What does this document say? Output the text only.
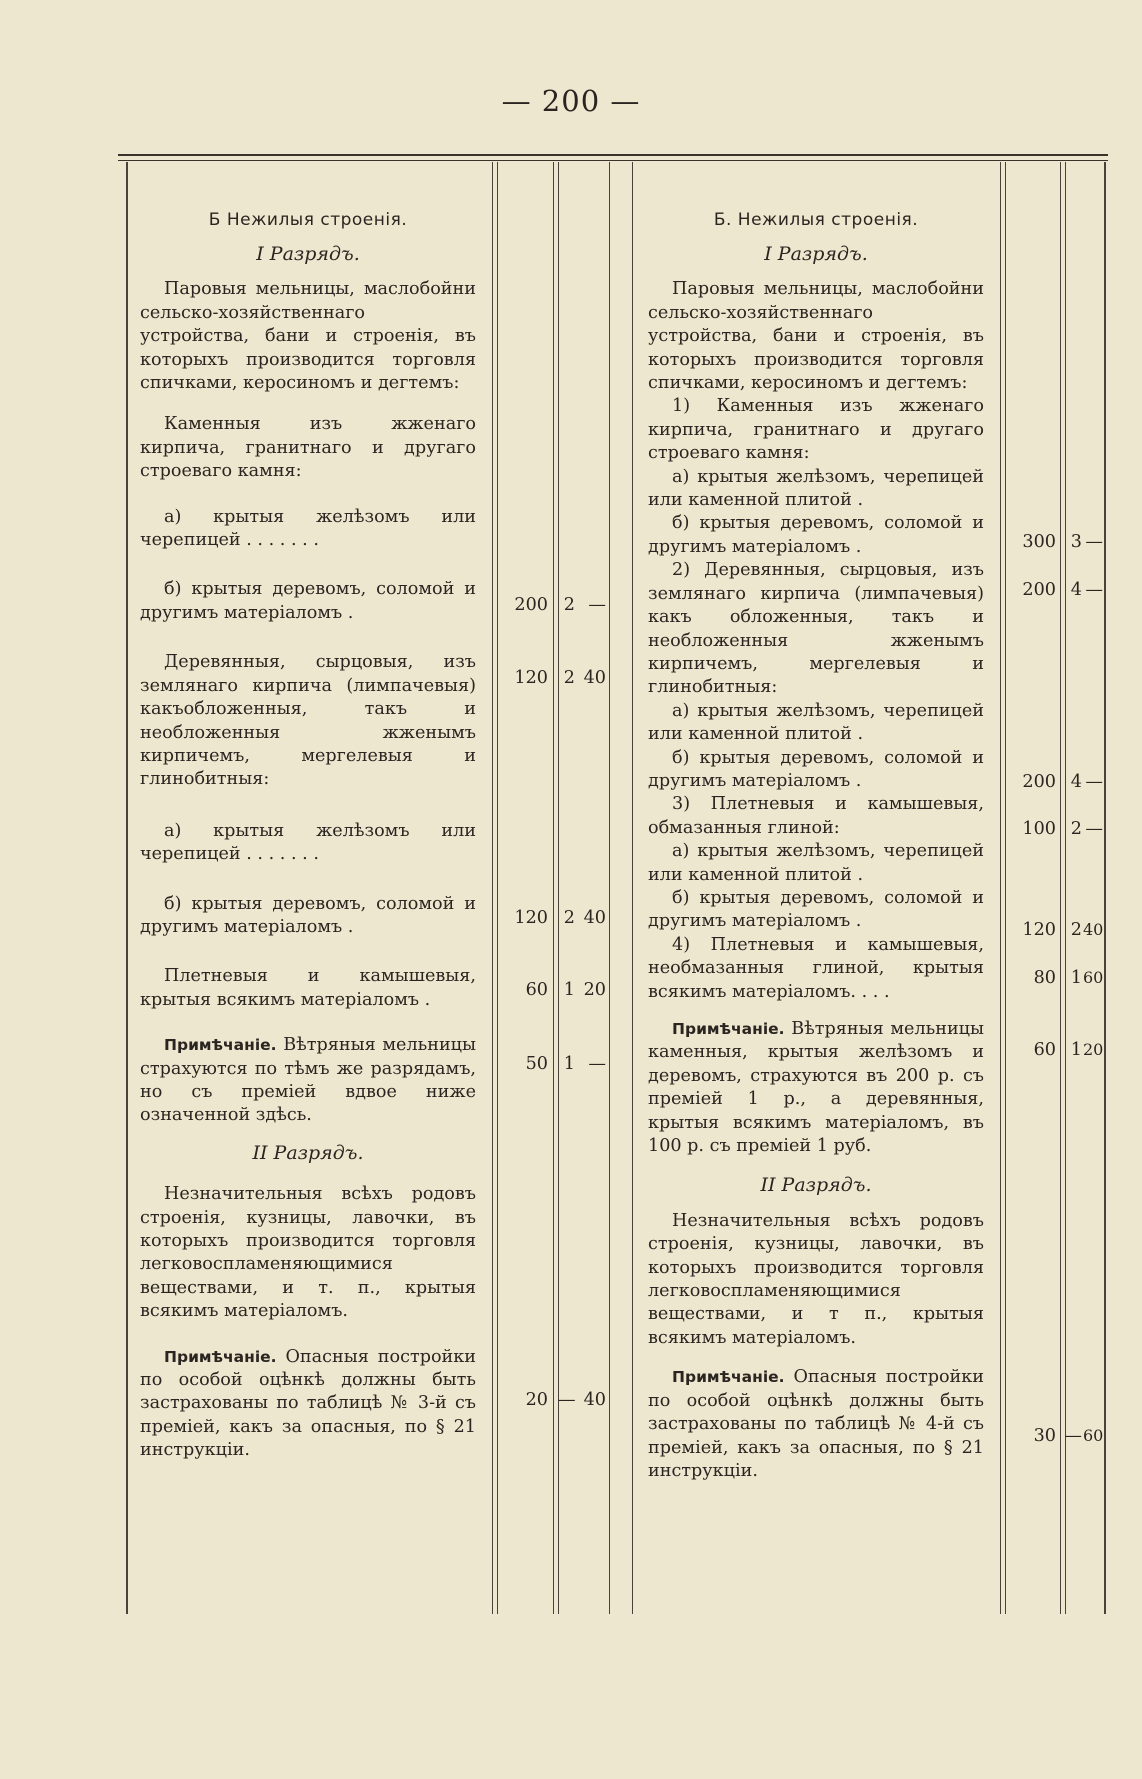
— 200 —

Б Нежилыя строенія.

I Разрядъ.

Паровыя мельницы, маслобойни сельско-хозяйственнаго устройства, бани и строенія, въ которыхъ производится торговля спичками, керосиномъ и дегтемъ:

Каменныя изъ жженаго кирпича, гранитнаго и другаго строеваго камня:

а) крытыя желѣзомъ или черепицей . . . . . . .

б) крытыя деревомъ, соломой и другимъ матеріаломъ .

Деревянныя, сырцовыя, изъ землянаго кирпича (лимпачевыя) какъобложенныя, такъ и необложенныя жженымъ кирпичемъ, мергелевыя и глинобитныя:

а) крытыя желѣзомъ или черепицей . . . . . . .

б) крытыя деревомъ, соломой и другимъ матеріаломъ .

Плетневыя и камышевыя, крытыя всякимъ матеріаломъ .

Примѣчаніе. Вѣтряныя мельницы страхуются по тѣмъ же разрядамъ, но съ преміей вдвое ниже означенной здѣсь.

II Разрядъ.

Незначительныя всѣхъ родовъ строенія, кузницы, лавочки, въ которыхъ производится торговля легковоспламеняющимися веществами, и т. п., крытыя всякимъ матеріаломъ.

Примѣчаніе. Опасныя постройки по особой оцѣнкѣ должны быть застрахованы по таблицѣ № 3-й съ преміей, какъ за опасныя, по § 21 инструкціи.

200 2 —
120 2 40
120 2 40
60 1 20
50 1 —
20 — 40

Б. Нежилыя строенія.

I Разрядъ.

Паровыя мельницы, маслобойни сельско-хозяйственнаго устройства, бани и строенія, въ которыхъ производится торговля спичками, керосиномъ и дегтемъ:

1) Каменныя изъ жженаго кирпича, гранитнаго и другаго строеваго камня:

а) крытыя желѣзомъ, черепицей или каменной плитой .

б) крытыя деревомъ, соломой и другимъ матеріаломъ .

2) Деревянныя, сырцовыя, изъ землянаго кирпича (лимпачевыя) какъ обложенныя, такъ и необложенныя жженымъ кирпичемъ, мергелевыя и глинобитныя:

а) крытыя желѣзомъ, черепицей или каменной плитой .

б) крытыя деревомъ, соломой и другимъ матеріаломъ .

3) Плетневыя и камышевыя, обмазанныя глиной:

а) крытыя желѣзомъ, черепицей или каменной плитой .

б) крытыя деревомъ, соломой и другимъ матеріаломъ .

4) Плетневыя и камышевыя, необмазанныя глиной, крытыя всякимъ матеріаломъ. . . .

Примѣчаніе. Вѣтряныя мельницы каменныя, крытыя желѣзомъ и деревомъ, страхуются въ 200 р. съ преміей 1 р., а деревянныя, крытыя всякимъ матеріаломъ, въ 100 р. съ преміей 1 руб.

II Разрядъ.

Незначительныя всѣхъ родовъ строенія, кузницы, лавочки, въ которыхъ производится торговля легковоспламеняющимися веществами, и т п., крытыя всякимъ матеріаломъ.

Примѣчаніе. Опасныя постройки по особой оцѣнкѣ должны быть застрахованы по таблицѣ № 4-й съ преміей, какъ за опасныя, по § 21 инструкціи.

300 3 —
200 4 —
200 4 —
100 2 —
120 2 40
80 1 60
60 1 20
30 — 60
